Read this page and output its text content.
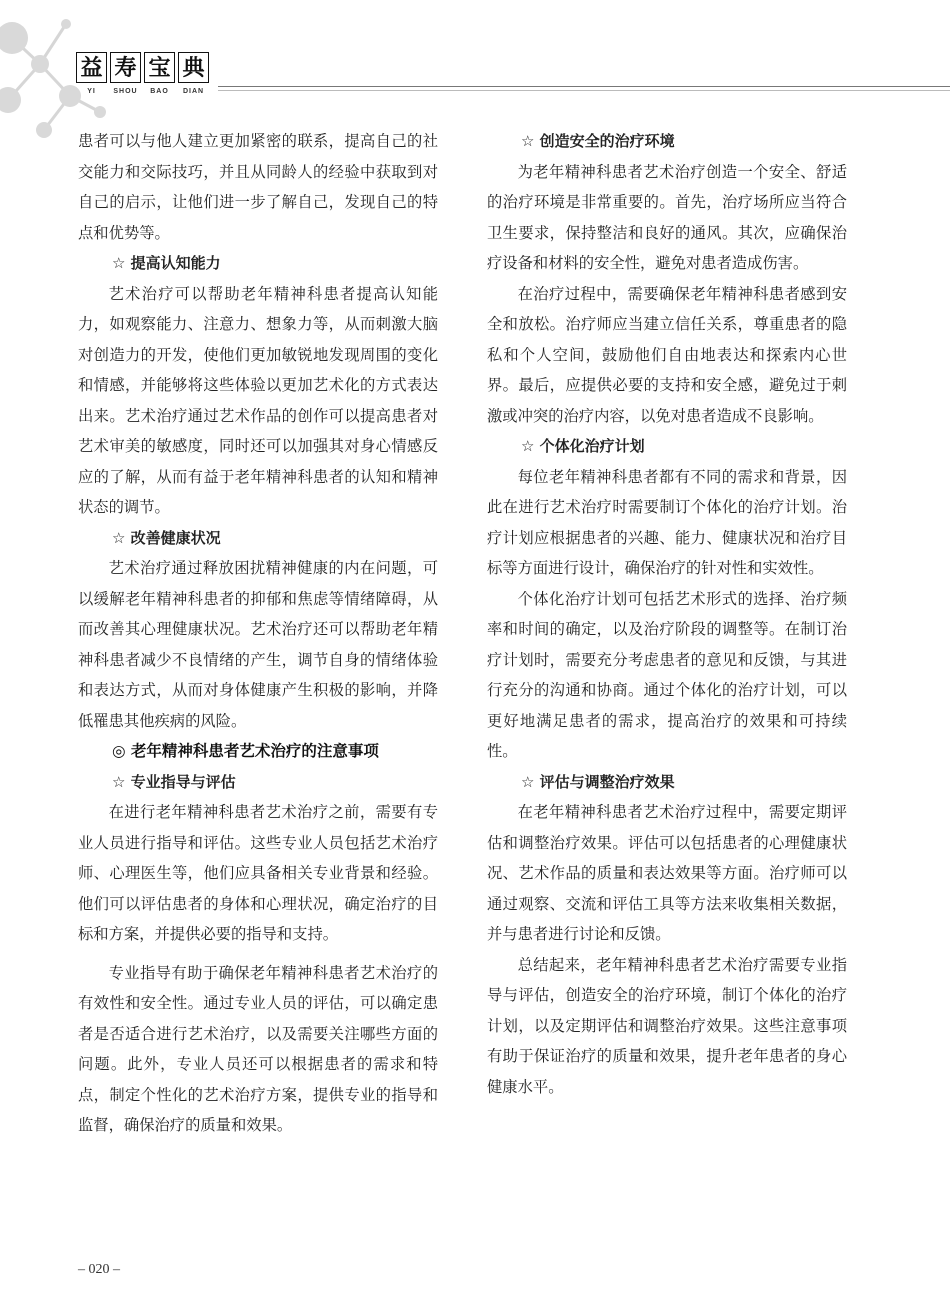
益 寿 宝 典
YI	SHOU	BAO	DIAN

患者可以与他人建立更加紧密的联系，提高自己的社交能力和交际技巧，并且从同龄人的经验中获取到对自己的启示，让他们进一步了解自己，发现自己的特点和优势等。

☆ 提高认知能力

艺术治疗可以帮助老年精神科患者提高认知能力，如观察能力、注意力、想象力等，从而刺激大脑对创造力的开发，使他们更加敏锐地发现周围的变化和情感，并能够将这些体验以更加艺术化的方式表达出来。艺术治疗通过艺术作品的创作可以提高患者对艺术审美的敏感度，同时还可以加强其对身心情感反应的了解，从而有益于老年精神科患者的认知和精神状态的调节。

☆ 改善健康状况

艺术治疗通过释放困扰精神健康的内在问题，可以缓解老年精神科患者的抑郁和焦虑等情绪障碍，从而改善其心理健康状况。艺术治疗还可以帮助老年精神科患者减少不良情绪的产生，调节自身的情绪体验和表达方式，从而对身体健康产生积极的影响，并降低罹患其他疾病的风险。

◎ 老年精神科患者艺术治疗的注意事项
☆ 专业指导与评估

在进行老年精神科患者艺术治疗之前，需要有专业人员进行指导和评估。这些专业人员包括艺术治疗师、心理医生等，他们应具备相关专业背景和经验。他们可以评估患者的身体和心理状况，确定治疗的目标和方案，并提供必要的指导和支持。

专业指导有助于确保老年精神科患者艺术治疗的有效性和安全性。通过专业人员的评估，可以确定患者是否适合进行艺术治疗，以及需要关注哪些方面的问题。此外，专业人员还可以根据患者的需求和特点，制定个性化的艺术治疗方案，提供专业的指导和监督，确保治疗的质量和效果。

☆ 创造安全的治疗环境

为老年精神科患者艺术治疗创造一个安全、舒适的治疗环境是非常重要的。首先，治疗场所应当符合卫生要求，保持整洁和良好的通风。其次，应确保治疗设备和材料的安全性，避免对患者造成伤害。

在治疗过程中，需要确保老年精神科患者感到安全和放松。治疗师应当建立信任关系，尊重患者的隐私和个人空间，鼓励他们自由地表达和探索内心世界。最后，应提供必要的支持和安全感，避免过于刺激或冲突的治疗内容，以免对患者造成不良影响。

☆ 个体化治疗计划

每位老年精神科患者都有不同的需求和背景，因此在进行艺术治疗时需要制订个体化的治疗计划。治疗计划应根据患者的兴趣、能力、健康状况和治疗目标等方面进行设计，确保治疗的针对性和实效性。

个体化治疗计划可包括艺术形式的选择、治疗频率和时间的确定，以及治疗阶段的调整等。在制订治疗计划时，需要充分考虑患者的意见和反馈，与其进行充分的沟通和协商。通过个体化的治疗计划，可以更好地满足患者的需求，提高治疗的效果和可持续性。

☆ 评估与调整治疗效果

在老年精神科患者艺术治疗过程中，需要定期评估和调整治疗效果。评估可以包括患者的心理健康状况、艺术作品的质量和表达效果等方面。治疗师可以通过观察、交流和评估工具等方法来收集相关数据，并与患者进行讨论和反馈。

总结起来，老年精神科患者艺术治疗需要专业指导与评估，创造安全的治疗环境，制订个体化的治疗计划，以及定期评估和调整治疗效果。这些注意事项有助于保证治疗的质量和效果，提升老年患者的身心健康水平。

– 020 –
